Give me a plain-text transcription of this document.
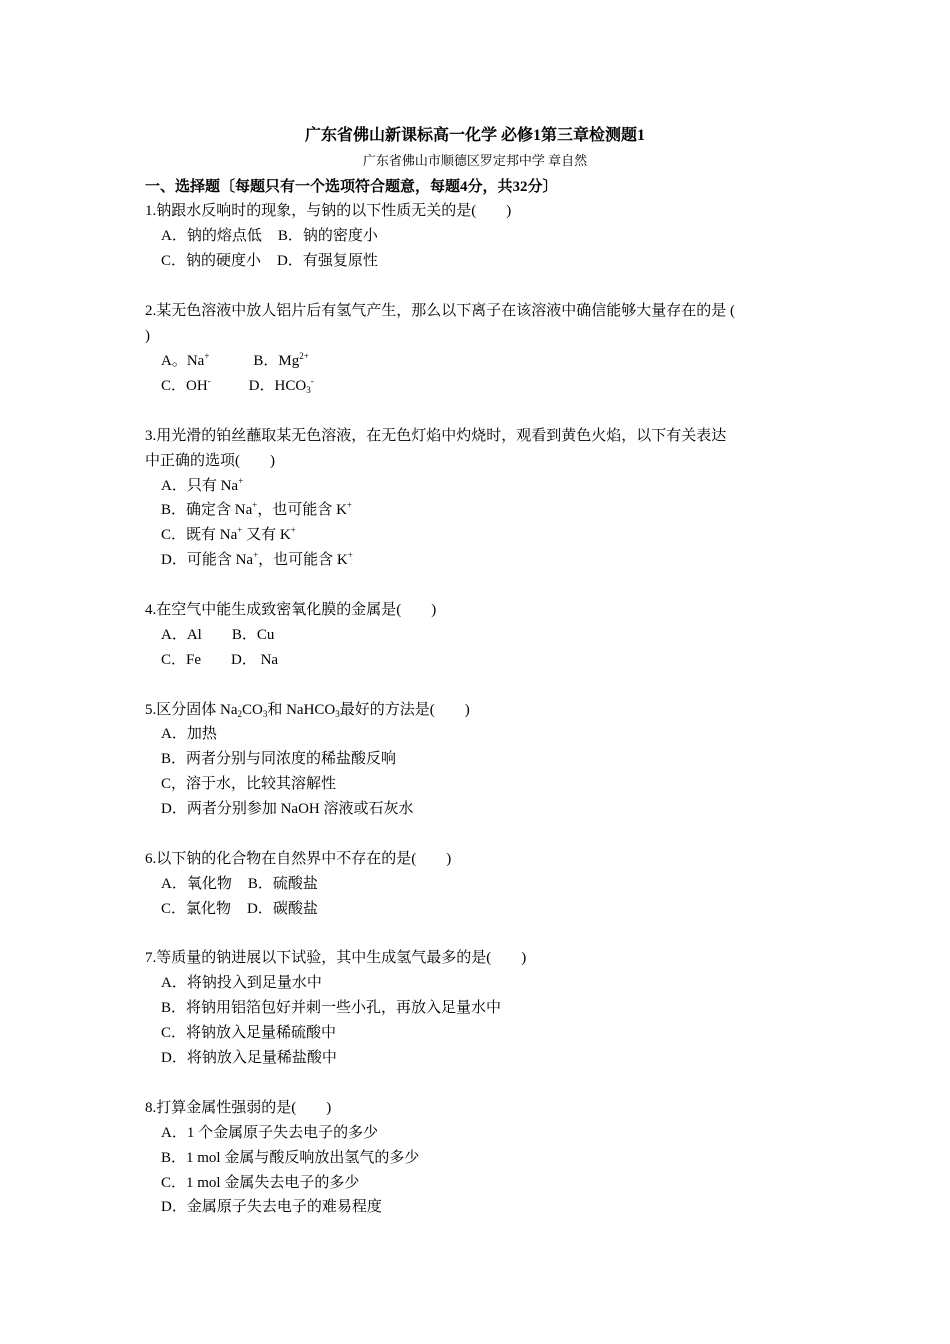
广东省佛山新课标高一化学 必修1第三章检测题1
广东省佛山市顺德区罗定邦中学 章自然
一、选择题〔每题只有一个选项符合题意，每题4分，共32分〕
1.钠跟水反响时的现象，与钠的以下性质无关的是(　　)
A．钠的熔点低 B．钠的密度小
C．钠的硬度小 D．有强复原性
2.某无色溶液中放人铝片后有氢气产生，那么以下离子在该溶液中确信能够大量存在的是 (
)
A。Na+	B．$Mg^{2+}$
C．OH-	D．$HCO_3^-$
3.用光滑的铂丝蘸取某无色溶液，在无色灯焰中灼烧时，观看到黄色火焰，以下有关表达
中正确的选项(　　)
A．只有 Na+
B．确定含 Na+，也可能含 K+
C．既有 Na+ 又有 K+
D．可能含 Na+，也可能含 K+
4.在空气中能生成致密氧化膜的金属是(　　)
A．Al B．Cu
C．Fe D． Na
5.区分固体 $Na_2CO_3$和 NaHCO$_3$最好的方法是(　　)
A．加热
B．两者分别与同浓度的稀盐酸反响
C，溶于水，比较其溶解性
D．两者分别参加 NaOH 溶液或石灰水
6.以下钠的化合物在自然界中不存在的是(　　)
A．氧化物 B．硫酸盐
C．氯化物 D．碳酸盐
7.等质量的钠进展以下试验，其中生成氢气最多的是(　　)
A．将钠投入到足量水中
B．将钠用铝箔包好并刺一些小孔，再放入足量水中
C．将钠放入足量稀硫酸中
D．将钠放入足量稀盐酸中
8.打算金属性强弱的是(　　)
A．1 个金属原子失去电子的多少
B．1 mol 金属与酸反响放出氢气的多少
C．1 mol 金属失去电子的多少
D．金属原子失去电子的难易程度
